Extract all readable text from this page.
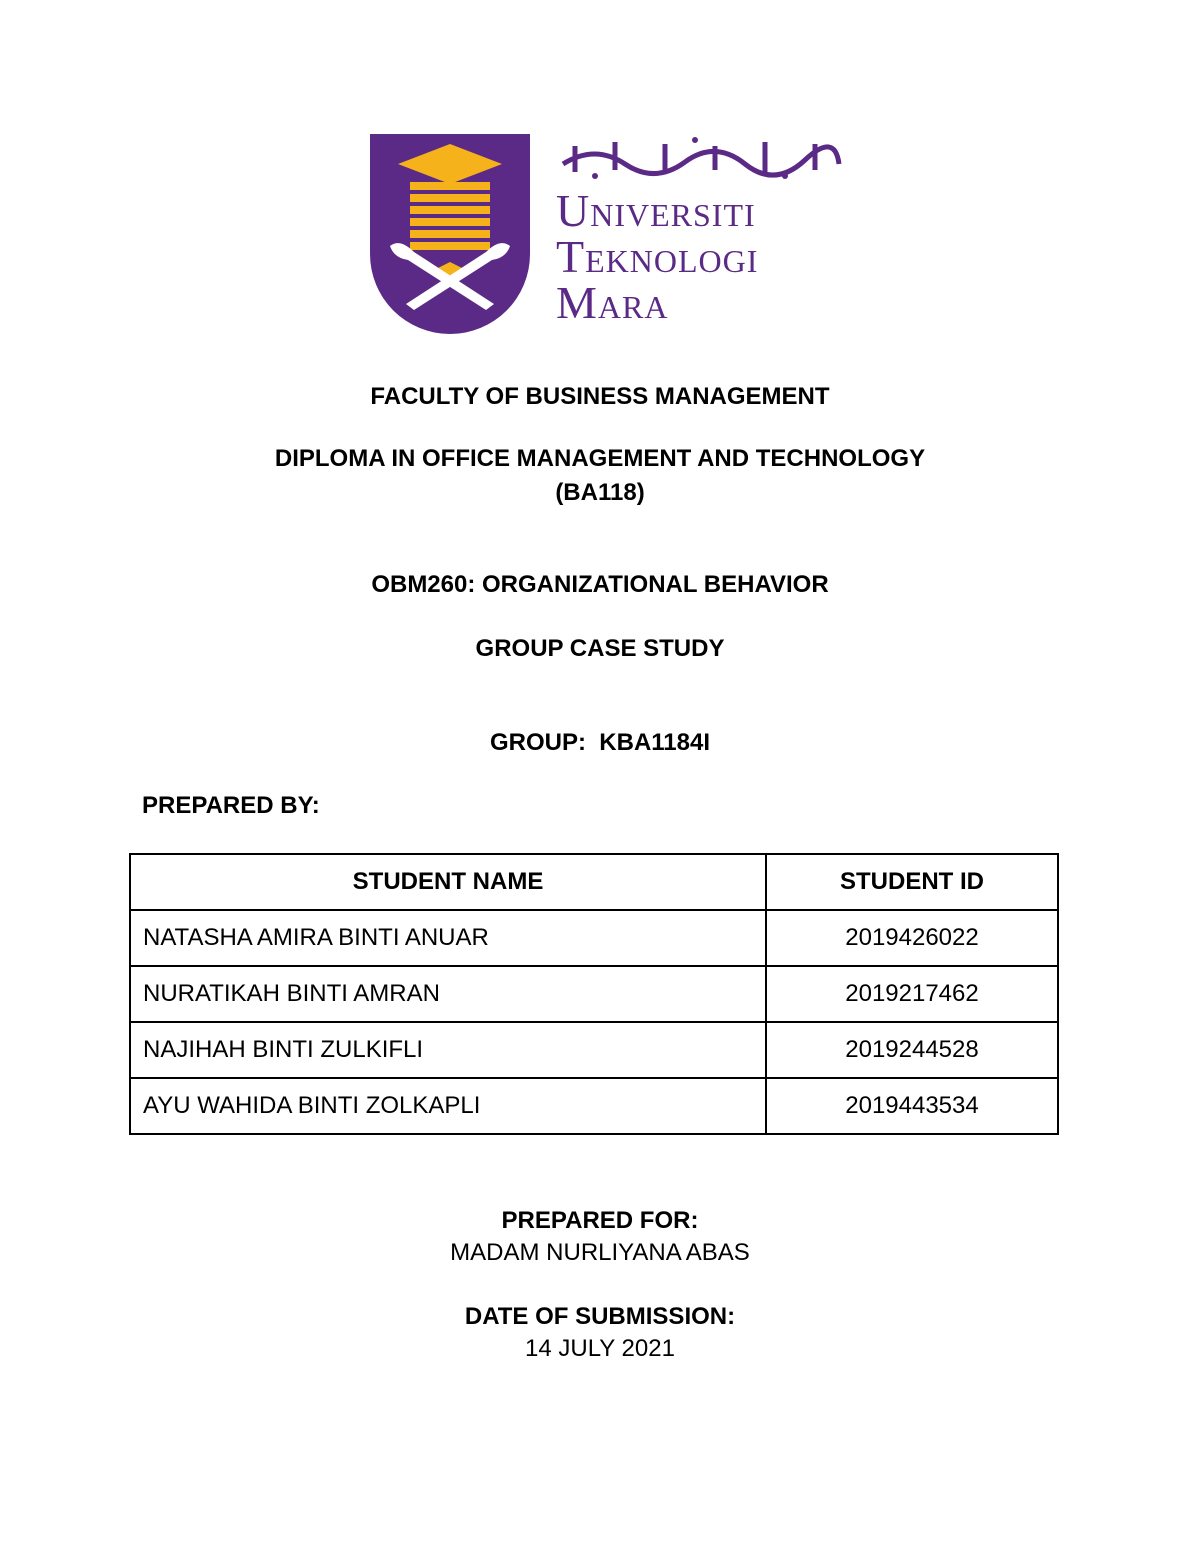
Universiti
Teknologi
Mara
FACULTY OF BUSINESS MANAGEMENT
DIPLOMA IN OFFICE MANAGEMENT AND TECHNOLOGY
(BA118)
OBM260: ORGANIZATIONAL BEHAVIOR
GROUP CASE STUDY
GROUP:  KBA1184I
PREPARED BY:
STUDENT NAME	STUDENT ID
NATASHA AMIRA BINTI ANUAR	2019426022
NURATIKAH BINTI AMRAN	2019217462
NAJIHAH BINTI ZULKIFLI	2019244528
AYU WAHIDA BINTI ZOLKAPLI	2019443534
PREPARED FOR:
MADAM NURLIYANA ABAS
DATE OF SUBMISSION:
14 JULY 2021
